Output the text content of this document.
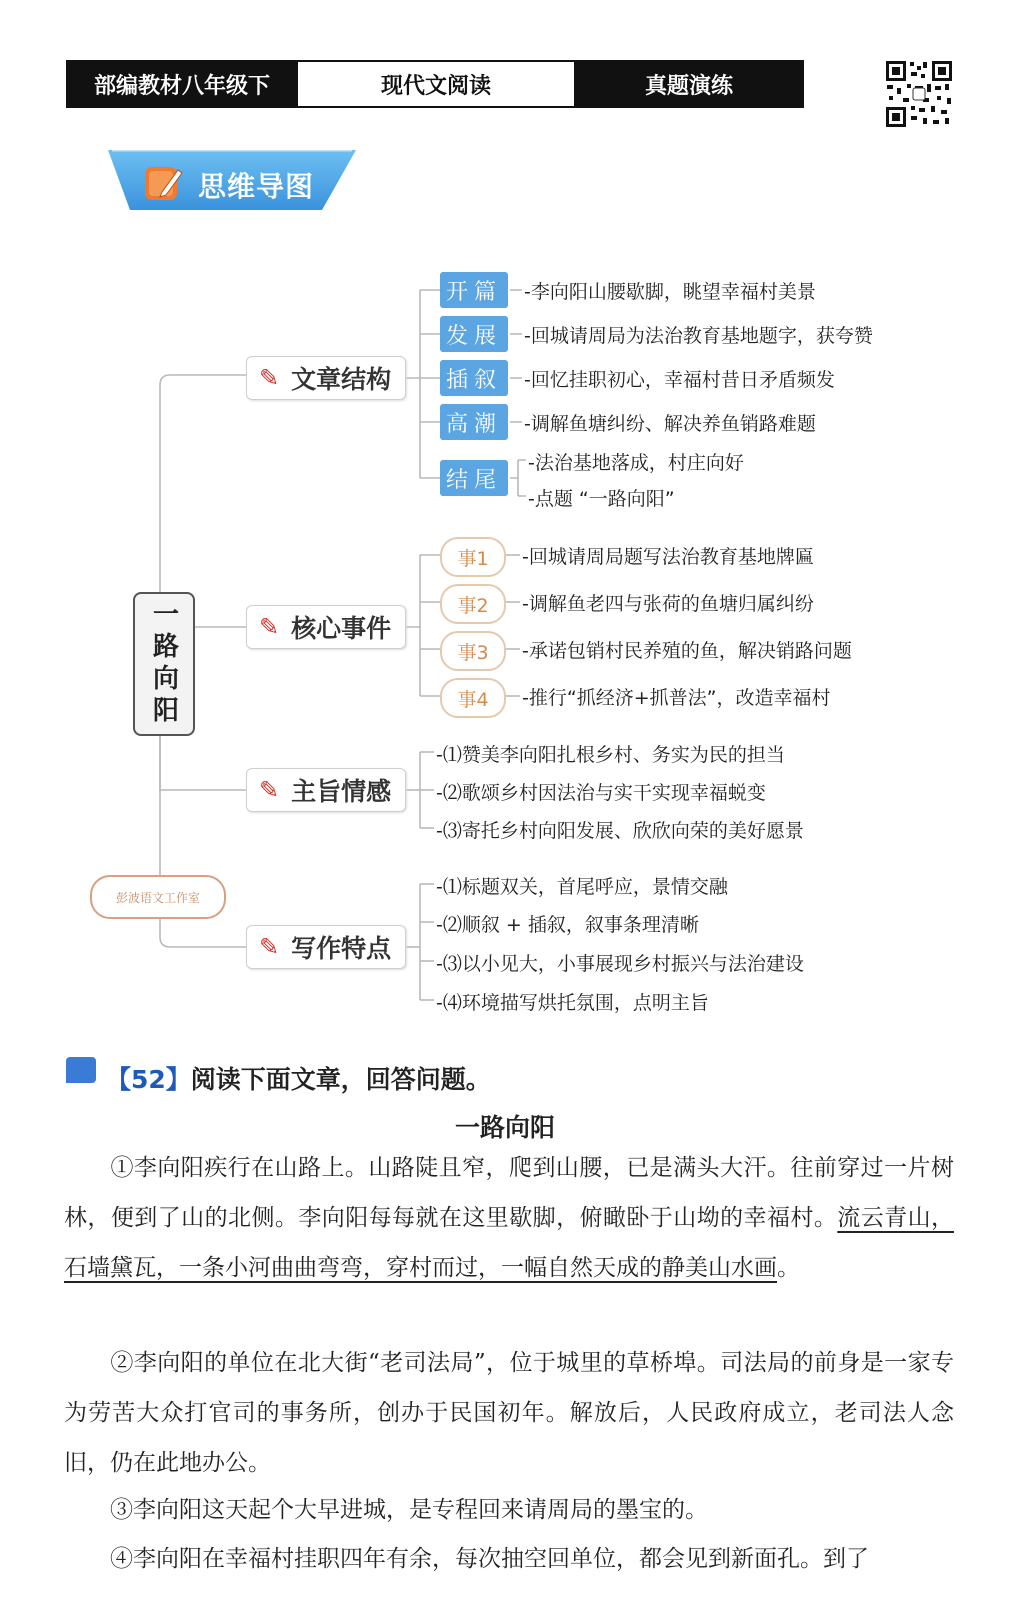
部编教材八年级下	现代文阅读	真题演练
思维导图
一路向阳
✎ 文章结构
开篇	-李向阳山腰歇脚，眺望幸福村美景
发展	-回城请周局为法治教育基地题字，获夸赞
插叙	-回忆挂职初心，幸福村昔日矛盾频发
高潮	-调解鱼塘纠纷、解决养鱼销路难题
结尾
-法治基地落成，村庄向好
-点题 “一路向阳”
✎ 核心事件
事1	-回城请周局题写法治教育基地牌匾
事2	-调解鱼老四与张荷的鱼塘归属纠纷
事3	-承诺包销村民养殖的鱼，解决销路问题
事4	-推行“抓经济+抓普法”，改造幸福村
✎ 主旨情感
-⑴赞美李向阳扎根乡村、务实为民的担当
-⑵歌颂乡村因法治与实干实现幸福蜕变
-⑶寄托乡村向阳发展、欣欣向荣的美好愿景
✎ 写作特点
-⑴标题双关，首尾呼应，景情交融
-⑵顺叙 + 插叙，叙事条理清晰
-⑶以小见大，小事展现乡村振兴与法治建设
-⑷环境描写烘托氛围，点明主旨
彭波语文工作室
【52】阅读下面文章，回答问题。
一路向阳
①李向阳疾行在山路上。山路陡且窄，爬到山腰，已是满头大汗。往前穿过一片树林，便到了山的北侧。李向阳每每就在这里歇脚，俯瞰卧于山坳的幸福村。流云青山，石墙黛瓦，一条小河曲曲弯弯，穿村而过，一幅自然天成的静美山水画。
②李向阳的单位在北大街“老司法局”，位于城里的草桥埠。司法局的前身是一家专为劳苦大众打官司的事务所，创办于民国初年。解放后，人民政府成立，老司法人念旧，仍在此地办公。
③李向阳这天起个大早进城，是专程回来请周局的墨宝的。
④李向阳在幸福村挂职四年有余，每次抽空回单位，都会见到新面孔。到了
